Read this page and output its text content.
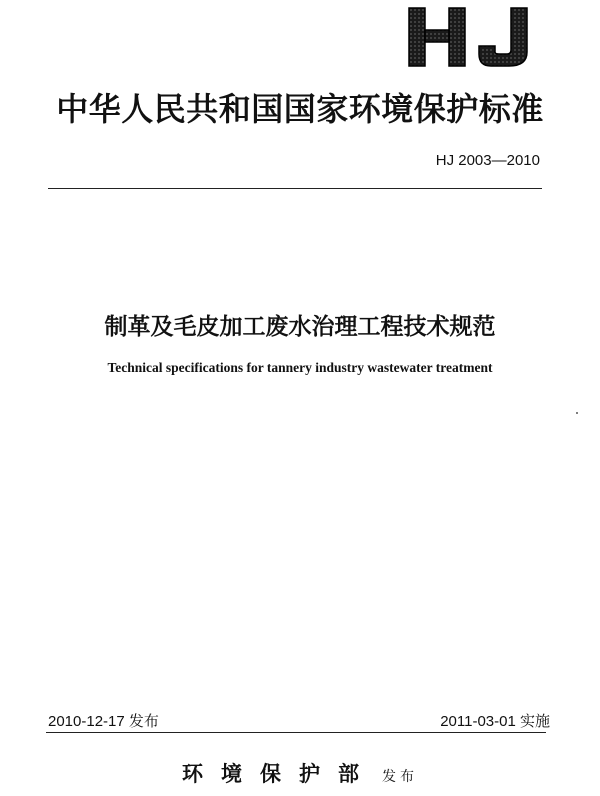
中华人民共和国国家环境保护标准
HJ 2003—2010
制革及毛皮加工废水治理工程技术规范
Technical specifications for tannery industry wastewater treatment
2010-12-17 发布	2011-03-01 实施
环境保护部 发布
